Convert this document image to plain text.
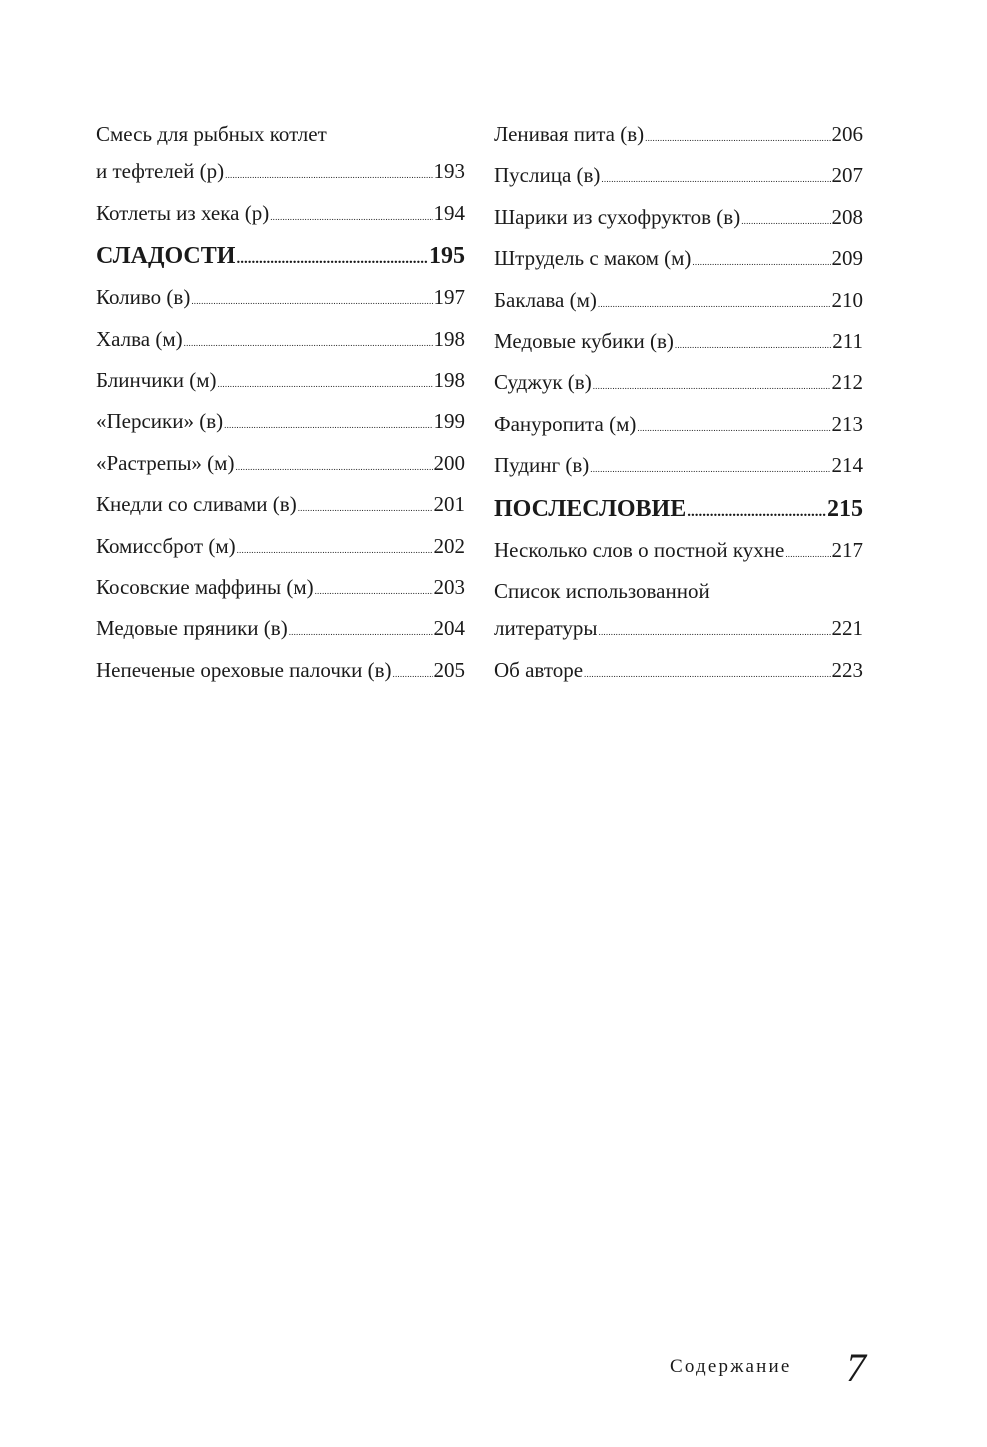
Смесь для рыбных котлет
и тефтелей (р) .....	193
Котлеты из хека (р) .....	194
СЛАДОСТИ .....	195
Коливо (в) .....	197
Халва (м) .....	198
Блинчики (м) .....	198
«Персики» (в) .....	199
«Растрепы» (м) .....	200
Кнедли со сливами (в) .....	201
Комиссброт (м) .....	202
Косовские маффины (м) .....	203
Медовые пряники (в) .....	204
Непеченые ореховые палочки (в) ..... 205
Ленивая пита (в) .....	206
Пуслица (в) .....	207
Шарики из сухофруктов (в) .....	208
Штрудель с маком (м) .....	209
Баклава (м) .....	210
Медовые кубики (в) .....	211
Суджук (в) .....	212
Фануропита (м) .....	213
Пудинг (в) .....	214
ПОСЛЕСЛОВИЕ .....	215
Несколько слов о постной кухне ..... 217
Список использованной
литературы .....	221
Об авторе .....	223
Содержание 7
